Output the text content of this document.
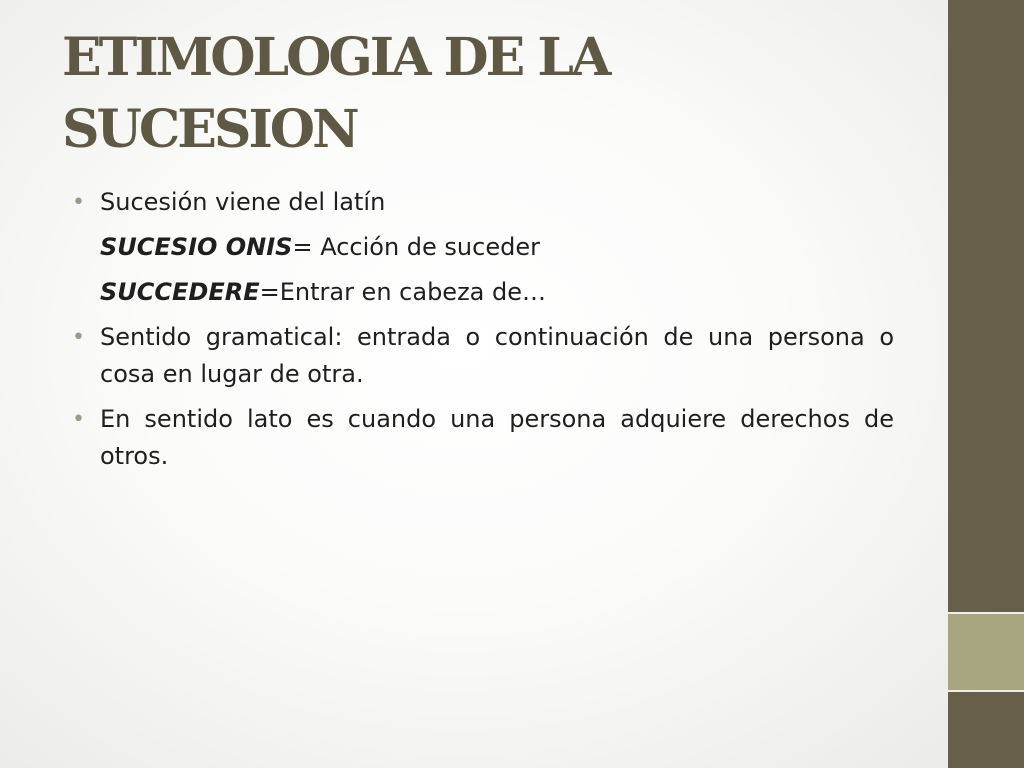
ETIMOLOGIA DE LA
SUCESION
• Sucesión viene del latín
SUCESIO ONIS= Acción de suceder
SUCCEDERE=Entrar en cabeza de…
• Sentido gramatical: entrada o continuación de una persona o cosa en lugar de otra.
• En sentido lato es cuando una persona adquiere derechos de otros.
